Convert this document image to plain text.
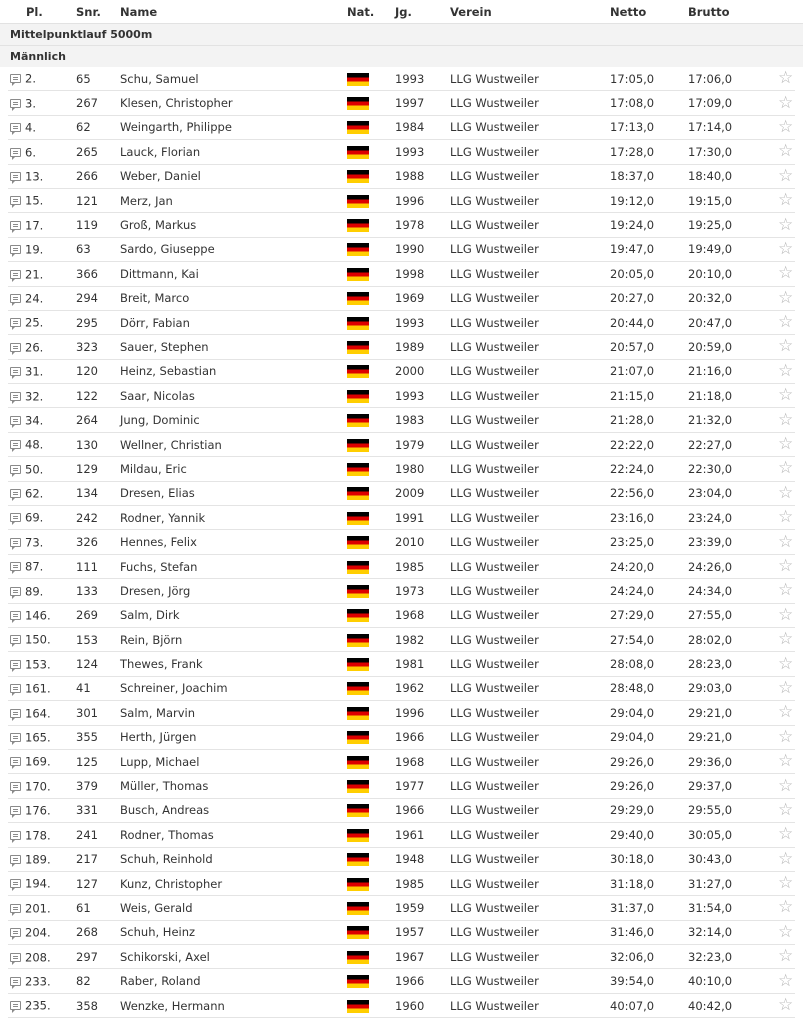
Pl.	Snr. Name	Nat. Jg.	Verein	Netto	Brutto
Mittelpunktlauf 5000m
Männlich
2.	65	Schu, Samuel	1993 LLG Wustweiler	17:05,0	17:06,0	☆
3.	267 Klesen, Christopher	1997 LLG Wustweiler	17:08,0	17:09,0	☆
4.	62	Weingarth, Philippe	1984 LLG Wustweiler	17:13,0	17:14,0	☆
6.	265 Lauck, Florian	1993 LLG Wustweiler	17:28,0	17:30,0	☆
13.	266 Weber, Daniel	1988 LLG Wustweiler	18:37,0	18:40,0	☆
15.	121 Merz, Jan	1996 LLG Wustweiler	19:12,0	19:15,0	☆
17.	119 Groß, Markus	1978 LLG Wustweiler	19:24,0	19:25,0	☆
19.	63	Sardo, Giuseppe	1990 LLG Wustweiler	19:47,0	19:49,0	☆
21.	366 Dittmann, Kai	1998 LLG Wustweiler	20:05,0	20:10,0	☆
24.	294 Breit, Marco	1969 LLG Wustweiler	20:27,0	20:32,0	☆
25.	295 Dörr, Fabian	1993 LLG Wustweiler	20:44,0	20:47,0	☆
26.	323 Sauer, Stephen	1989 LLG Wustweiler	20:57,0	20:59,0	☆
31.	120 Heinz, Sebastian	2000 LLG Wustweiler	21:07,0	21:16,0	☆
32.	122 Saar, Nicolas	1993 LLG Wustweiler	21:15,0	21:18,0	☆
34.	264 Jung, Dominic	1983 LLG Wustweiler	21:28,0	21:32,0	☆
48.	130 Wellner, Christian	1979 LLG Wustweiler	22:22,0	22:27,0	☆
50.	129 Mildau, Eric	1980 LLG Wustweiler	22:24,0	22:30,0	☆
62.	134 Dresen, Elias	2009 LLG Wustweiler	22:56,0	23:04,0	☆
69.	242 Rodner, Yannik	1991 LLG Wustweiler	23:16,0	23:24,0	☆
73.	326 Hennes, Felix	2010 LLG Wustweiler	23:25,0	23:39,0	☆
87.	111 Fuchs, Stefan	1985 LLG Wustweiler	24:20,0	24:26,0	☆
89.	133 Dresen, Jörg	1973 LLG Wustweiler	24:24,0	24:34,0	☆
146. 269 Salm, Dirk	1968 LLG Wustweiler	27:29,0	27:55,0	☆
150. 153 Rein, Björn	1982 LLG Wustweiler	27:54,0	28:02,0	☆
153. 124 Thewes, Frank	1981 LLG Wustweiler	28:08,0	28:23,0	☆
161. 41	Schreiner, Joachim	1962 LLG Wustweiler	28:48,0	29:03,0	☆
164. 301 Salm, Marvin	1996 LLG Wustweiler	29:04,0	29:21,0	☆
165. 355 Herth, Jürgen	1966 LLG Wustweiler	29:04,0	29:21,0	☆
169. 125 Lupp, Michael	1968 LLG Wustweiler	29:26,0	29:36,0	☆
170. 379 Müller, Thomas	1977 LLG Wustweiler	29:26,0	29:37,0	☆
176. 331 Busch, Andreas	1966 LLG Wustweiler	29:29,0	29:55,0	☆
178. 241 Rodner, Thomas	1961 LLG Wustweiler	29:40,0	30:05,0	☆
189. 217 Schuh, Reinhold	1948 LLG Wustweiler	30:18,0	30:43,0	☆
194. 127 Kunz, Christopher	1985 LLG Wustweiler	31:18,0	31:27,0	☆
201. 61	Weis, Gerald	1959 LLG Wustweiler	31:37,0	31:54,0	☆
204. 268 Schuh, Heinz	1957 LLG Wustweiler	31:46,0	32:14,0	☆
208. 297 Schikorski, Axel	1967 LLG Wustweiler	32:06,0	32:23,0	☆
233. 82	Raber, Roland	1966 LLG Wustweiler	39:54,0	40:10,0	☆
235. 358 Wenzke, Hermann	1960 LLG Wustweiler	40:07,0	40:42,0	☆
